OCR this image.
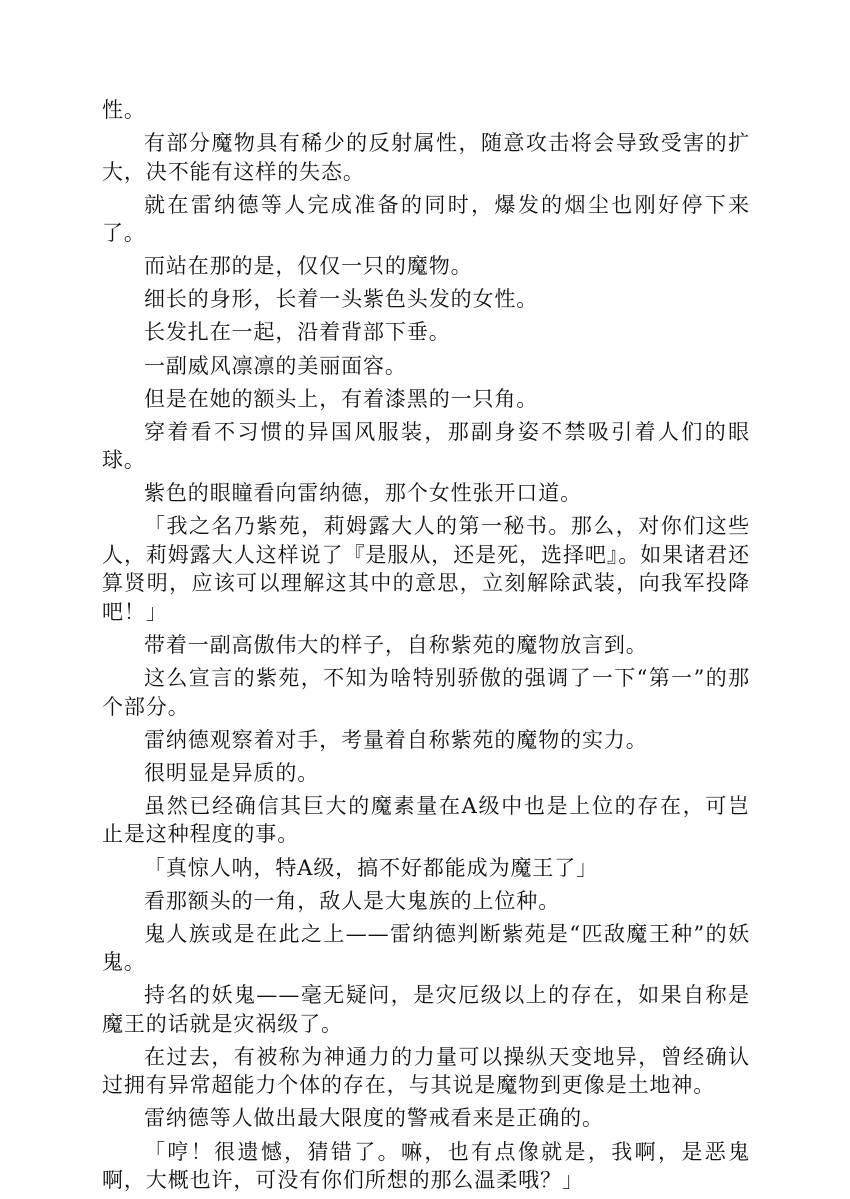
性。

有部分魔物具有稀少的反射属性，随意攻击将会导致受害的扩大，决不能有这样的失态。

就在雷纳德等人完成准备的同时，爆发的烟尘也刚好停下来了。

而站在那的是，仅仅一只的魔物。

细长的身形，长着一头紫色头发的女性。

长发扎在一起，沿着背部下垂。

一副威风凛凛的美丽面容。

但是在她的额头上，有着漆黑的一只角。

穿着看不习惯的异国风服装，那副身姿不禁吸引着人们的眼球。

紫色的眼瞳看向雷纳德，那个女性张开口道。

「我之名乃紫苑，莉姆露大人的第一秘书。那么，对你们这些人，莉姆露大人这样说了『是服从，还是死，选择吧』。如果诸君还算贤明，应该可以理解这其中的意思，立刻解除武装，向我军投降吧！」

带着一副高傲伟大的样子，自称紫苑的魔物放言到。

这么宣言的紫苑，不知为啥特别骄傲的强调了一下“第一”的那个部分。

雷纳德观察着对手，考量着自称紫苑的魔物的实力。

很明显是异质的。

虽然已经确信其巨大的魔素量在A级中也是上位的存在，可岂止是这种程度的事。

「真惊人呐，特A级，搞不好都能成为魔王了」

看那额头的一角，敌人是大鬼族的上位种。

鬼人族或是在此之上——雷纳德判断紫苑是“匹敌魔王种”的妖鬼。

持名的妖鬼——毫无疑问，是灾厄级以上的存在，如果自称是魔王的话就是灾祸级了。

在过去，有被称为神通力的力量可以操纵天变地异，曾经确认过拥有异常超能力个体的存在，与其说是魔物到更像是土地神。

雷纳德等人做出最大限度的警戒看来是正确的。

「哼！很遗憾，猜错了。嘛，也有点像就是，我啊，是恶鬼啊，大概也许，可没有你们所想的那么温柔哦？」
